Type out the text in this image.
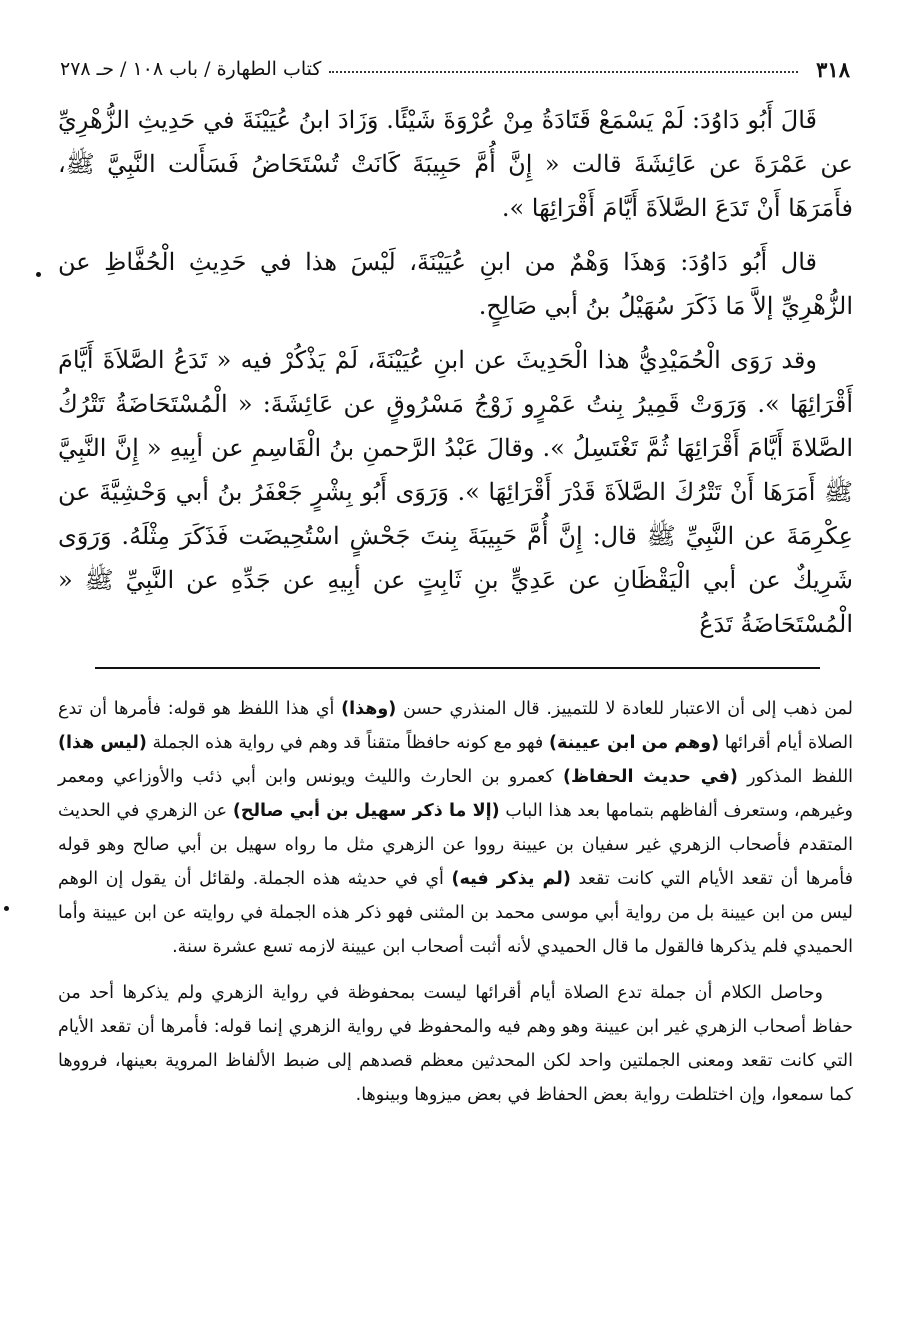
٣١٨
كتاب الطهارة / باب ١٠٨ / حـ ٢٧٨

قَالَ أَبُو دَاوُدَ: لَمْ يَسْمَعْ قَتَادَةُ مِنْ عُرْوَةَ شَيْئًا. وَزَادَ ابنُ عُيَيْنَةَ في حَدِيثِ الزُّهْرِيِّ عن عَمْرَةَ عن عَائِشَةَ قالت « إِنَّ أُمَّ حَبِيبَةَ كَانَتْ تُسْتَحَاضُ فَسَأَلت النَّبِيَّ ﷺ، فأَمَرَهَا أَنْ تَدَعَ الصَّلاَةَ أَيَّامَ أَقْرَائِهَا ».

قال أَبُو دَاوُدَ: وَهذَا وَهْمٌ من ابنِ عُيَيْنَةَ، لَيْسَ هذا في حَدِيثِ الْحُفَّاظِ عن الزُّهْرِيِّ إلاَّ مَا ذَكَرَ سُهَيْلُ بنُ أبي صَالِحٍ.

وقد رَوَى الْحُمَيْدِيُّ هذا الْحَدِيثَ عن ابنِ عُيَيْنَةَ، لَمْ يَذْكُرْ فيه « تَدَعُ الصَّلاَةَ أَيَّامَ أَقْرَائِهَا ». وَرَوَتْ قَمِيرُ بِنتُ عَمْرٍو زَوْجُ مَسْرُوقٍ عن عَائِشَةَ: « الْمُسْتَحَاضَةُ تَتْرُكُ الصَّلاةَ أَيَّامَ أَقْرَائِهَا ثُمَّ تَغْتَسِلُ ». وقالَ عَبْدُ الرَّحمنِ بنُ الْقَاسِمِ عن أبِيهِ « إِنَّ النَّبِيَّ ﷺ أَمَرَهَا أَنْ تَتْرُكَ الصَّلاَةَ قَدْرَ أَقْرَائِهَا ». وَرَوَى أَبُو بِشْرٍ جَعْفَرُ بنُ أبي وَحْشِيَّةَ عن عِكْرِمَةَ عن النَّبِيِّ ﷺ قال: إِنَّ أُمَّ حَبِيبَةَ بِنتَ جَحْشٍ اسْتُحِيضَت فَذَكَرَ مِثْلَهُ. وَرَوَى شَرِيكٌ عن أبي الْيَقْظَانِ عن عَدِيٍّ بنِ ثَابِتٍ عن أبِيهِ عن جَدِّهِ عن النَّبِيِّ ﷺ « الْمُسْتَحَاضَةُ تَدَعُ

لمن ذهب إلى أن الاعتبار للعادة لا للتمييز. قال المنذري حسن (وهذا) أي هذا اللفظ هو قوله: فأمرها أن تدع الصلاة أيام أقرائها (وهم من ابن عيينة) فهو مع كونه حافظاً متقناً قد وهم في رواية هذه الجملة (ليس هذا) اللفظ المذكور (في حديث الحفاظ) كعمرو بن الحارث والليث ويونس وابن أبي ذئب والأوزاعي ومعمر وغيرهم، وستعرف ألفاظهم بتمامها بعد هذا الباب (إلا ما ذكر سهيل بن أبي صالح) عن الزهري في الحديث المتقدم فأصحاب الزهري غير سفيان بن عيينة رووا عن الزهري مثل ما رواه سهيل بن أبي صالح وهو قوله فأمرها أن تقعد الأيام التي كانت تقعد (لم يذكر فيه) أي في حديثه هذه الجملة. ولقائل أن يقول إن الوهم ليس من ابن عيينة بل من رواية أبي موسى محمد بن المثنى فهو ذكر هذه الجملة في روايته عن ابن عيينة وأما الحميدي فلم يذكرها فالقول ما قال الحميدي لأنه أثبت أصحاب ابن عيينة لازمه تسع عشرة سنة.

وحاصل الكلام أن جملة تدع الصلاة أيام أقرائها ليست بمحفوظة في رواية الزهري ولم يذكرها أحد من حفاظ أصحاب الزهري غير ابن عيينة وهو وهم فيه والمحفوظ في رواية الزهري إنما قوله: فأمرها أن تقعد الأيام التي كانت تقعد ومعنى الجملتين واحد لكن المحدثين معظم قصدهم إلى ضبط الألفاظ المروية بعينها، فرووها كما سمعوا، وإن اختلطت رواية بعض الحفاظ في بعض ميزوها وبينوها.
